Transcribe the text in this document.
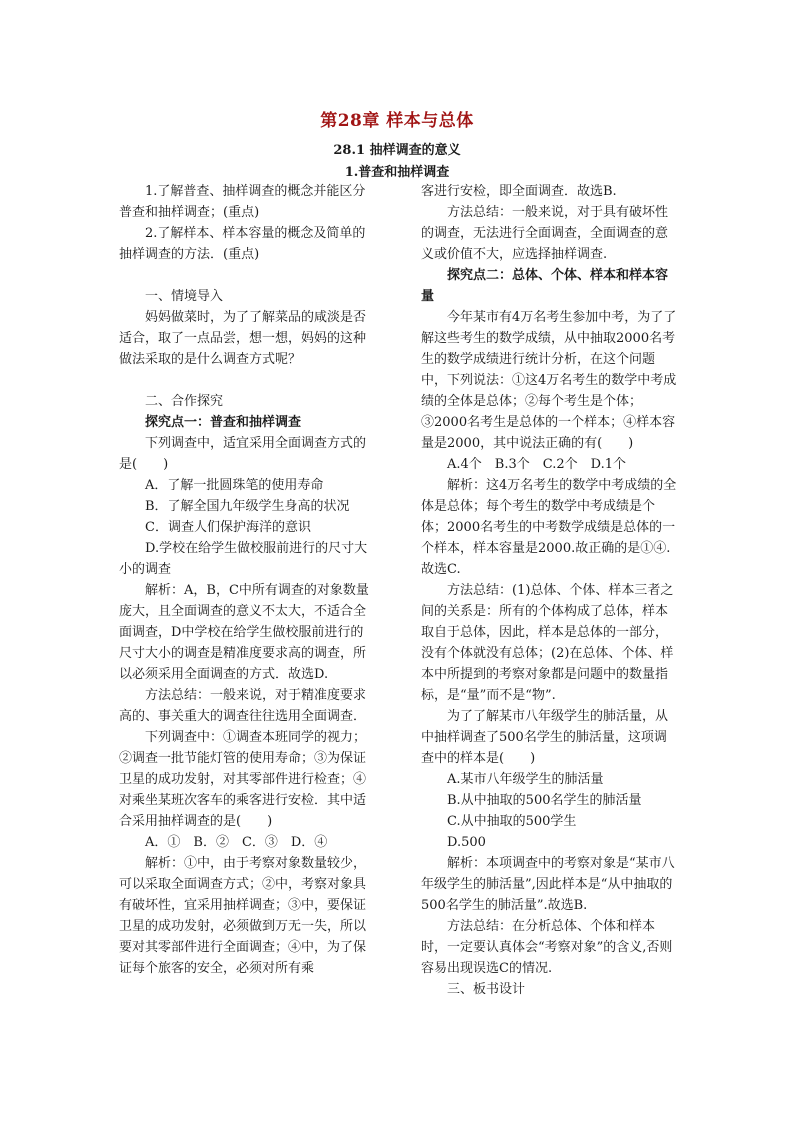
第28章 样本与总体
28.1 抽样调查的意义
1.普查和抽样调查

1.了解普查、抽样调查的概念并能区分普查和抽样调查；(重点)

2.了解样本、样本容量的概念及简单的抽样调查的方法．(重点)

一、情境导入

妈妈做菜时，为了了解菜品的咸淡是否适合，取了一点品尝，想一想，妈妈的这种做法采取的是什么调查方式呢？

二、合作探究

探究点一：普查和抽样调查

下列调查中，适宜采用全面调查方式的是(　　)

A．了解一批圆珠笔的使用寿命

B．了解全国九年级学生身高的状况

C．调查人们保护海洋的意识

D.学校在给学生做校服前进行的尺寸大小的调查

解析：A，B，C中所有调查的对象数量庞大，且全面调查的意义不太大，不适合全面调查，D中学校在给学生做校服前进行的尺寸大小的调查是精准度要求高的调查，所以必须采用全面调查的方式．故选D.

方法总结：一般来说，对于精准度要求高的、事关重大的调查往往选用全面调查．

下列调查中：①调查本班同学的视力；②调查一批节能灯管的使用寿命；③为保证卫星的成功发射，对其零部件进行检查；④对乘坐某班次客车的乘客进行安检．其中适合采用抽样调查的是(　　)

A．①　B．②　C．③　D．④

解析：①中，由于考察对象数量较少，可以采取全面调查方式；②中，考察对象具有破坏性，宜采用抽样调查；③中，要保证卫星的成功发射，必须做到万无一失，所以要对其零部件进行全面调查；④中，为了保证每个旅客的安全，必须对所有乘

客进行安检，即全面调查．故选B.

方法总结：一般来说，对于具有破坏性的调查，无法进行全面调查，全面调查的意义或价值不大，应选择抽样调查.

探究点二：总体、个体、样本和样本容量

今年某市有4万名考生参加中考，为了了解这些考生的数学成绩，从中抽取2000名考生的数学成绩进行统计分析，在这个问题中，下列说法：①这4万名考生的数学中考成绩的全体是总体；②每个考生是个体；③2000名考生是总体的一个样本；④样本容量是2000，其中说法正确的有(　　)

A.4个　B.3个　C.2个　D.1个

解析：这4万名考生的数学中考成绩的全体是总体；每个考生的数学中考成绩是个体；2000名考生的中考数学成绩是总体的一个样本，样本容量是2000.故正确的是①④.故选C.

方法总结：(1)总体、个体、样本三者之间的关系是：所有的个体构成了总体，样本取自于总体，因此，样本是总体的一部分，没有个体就没有总体；(2)在总体、个体、样本中所提到的考察对象都是问题中的数量指标，是“量”而不是“物”.

为了了解某市八年级学生的肺活量，从中抽样调查了500名学生的肺活量，这项调查中的样本是(　　)

A.某市八年级学生的肺活量

B.从中抽取的500名学生的肺活量

C.从中抽取的500学生

D.500

解析：本项调查中的考察对象是“某市八年级学生的肺活量”,因此样本是“从中抽取的500名学生的肺活量”.故选B.

方法总结：在分析总体、个体和样本时，一定要认真体会“考察对象”的含义,否则容易出现误选C的情况.

三、板书设计
